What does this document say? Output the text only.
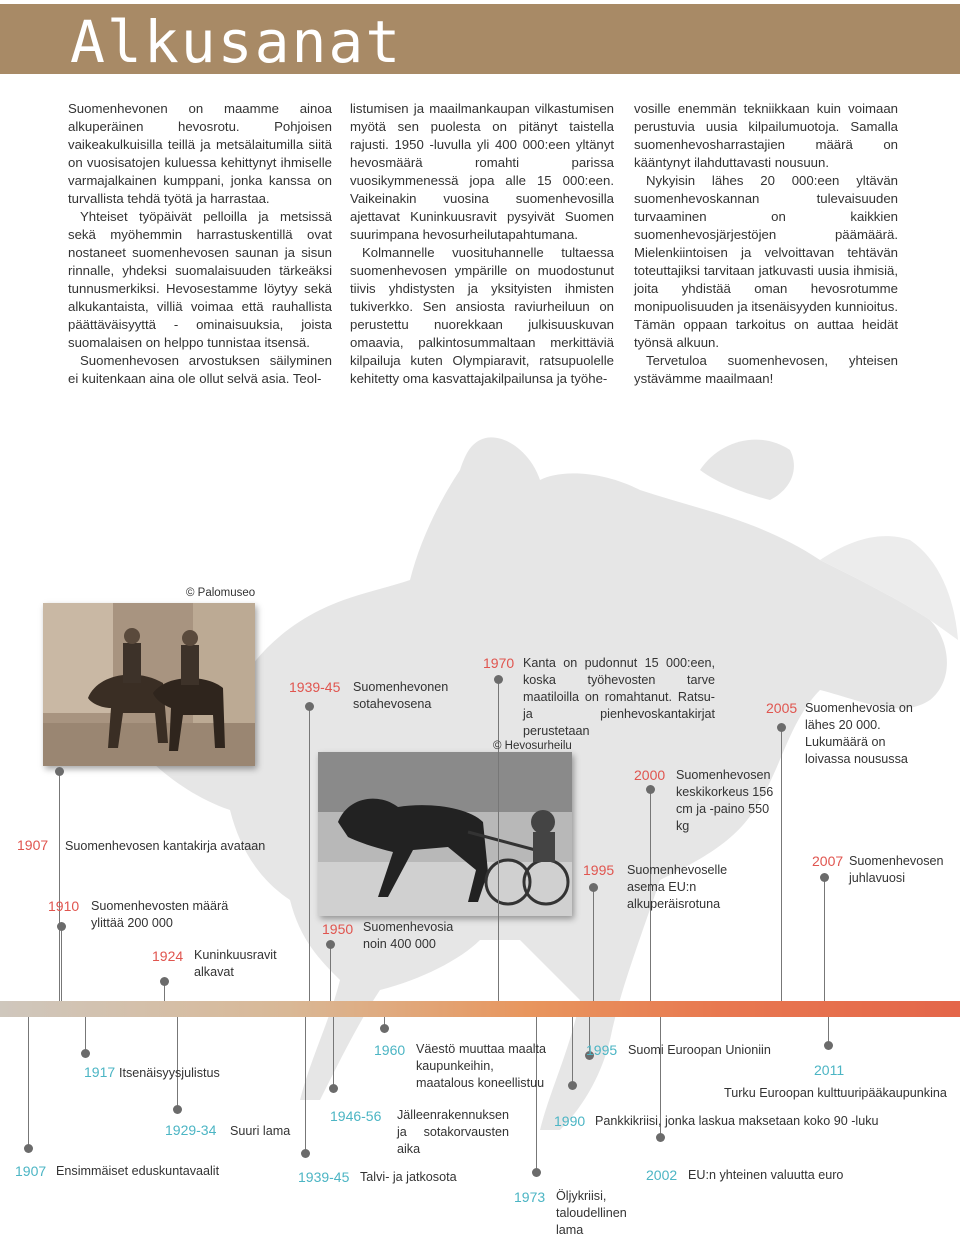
Alkusanat

Suomenhevonen on maamme ainoa alkuperäinen hevosrotu. Pohjoisen vaikeakulkuisilla teillä ja metsälaitumilla siitä on vuosisatojen kuluessa kehittynyt ihmiselle varmajalkainen kumppani, jonka kanssa on turvallista tehdä työtä ja harrastaa.

Yhteiset työpäivät pelloilla ja metsissä sekä myöhemmin harrastuskentillä ovat nostaneet suomenhevosen saunan ja sisun rinnalle, yhdeksi suomalaisuuden tärkeäksi tunnusmerkiksi. Hevosestamme löytyy sekä alkukantaista, villiä voimaa että rauhallista päättäväisyyttä - ominaisuuksia, joista suomalaisen on helppo tunnistaa itsensä.

Suomenhevosen arvostuksen säilyminen ei kuitenkaan aina ole ollut selvä asia. Teol-

listumisen ja maailmankaupan vilkastumisen myötä sen puolesta on pitänyt taistella rajusti. 1950 -luvulla yli 400 000:een yltänyt hevosmäärä romahti parissa vuosikymmenessä jopa alle 15 000:een. Vaikeinakin vuosina suomenhevosilla ajettavat Kuninkuusravit pysyivät Suomen suurimpana hevosurheilutapahtumana.

Kolmannelle vuosituhannelle tultaessa suomenhevosen ympärille on muodostunut tiivis yhdistysten ja yksityisten ihmisten tukiverkko. Sen ansiosta raviurheiluun on perustettu nuorekkaan julkisuuskuvan omaavia, palkintosummaltaan merkittäviä kilpailuja kuten Olympiaravit, ratsupuolelle kehitetty oma kasvattajakilpailunsa ja työhe-

vosille enemmän tekniikkaan kuin voimaan perustuvia uusia kilpailumuotoja. Samalla suomenhevosharrastajien määrä on kääntynyt ilahduttavasti nousuun.

Nykyisin lähes 20 000:een yltävän suomenhevoskannan tulevaisuuden turvaaminen on kaikkien suomenhevosjärjestöjen päämäärä. Mielenkiintoisen ja velvoittavan tehtävän toteuttajiksi tarvitaan jatkuvasti uusia ihmisiä, joita yhdistää oman hevosrotumme monipuolisuuden ja itsenäisyyden kunnioitus. Tämän oppaan tarkoitus on auttaa heidät työnsä alkuun.

Tervetuloa suomenhevosen, yhteisen ystävämme maailmaan!

© Palomuseo
© Hevosurheilu
1907 Suomenhevosen kantakirja avataan
1910 Suomenhevosten määrä ylittää 200 000
1924 Kuninkuusravit alkavat
1939-45 Suomenhevonen sotahevosena
1950 Suomenhevosia noin 400 000
1970 Kanta on pudonnut 15 000:een, koska työhevosten tarve maatiloilla on romahtanut. Ratsu- ja pienhevoskantakirjat perustetaan
1995 Suomenhevoselle asema EU:n alkuperäisrotuna
2000 Suomenhevosen keskikorkeus 156 cm ja -paino 550 kg
2005 Suomenhevosia on lähes 20 000. Lukumäärä on loivassa nousussa
2007 Suomenhevosen juhlavuosi
1907 Ensimmäiset eduskuntavaalit
1917 Itsenäisyysjulistus
1929-34 Suuri lama
1939-45 Talvi- ja jatkosota
1946-56 Jälleenrakennuksen ja sotakorvausten aika
1960 Väestö muuttaa maalta kaupunkeihin, maatalous koneellistuu
1973 Öljykriisi, taloudellinen lama
1990 Pankkikriisi, jonka laskua maksetaan koko 90 -luku
1995 Suomi Euroopan Unioniin
2002 EU:n yhteinen valuutta euro
2011
Turku Euroopan kulttuuripääkaupunkina
